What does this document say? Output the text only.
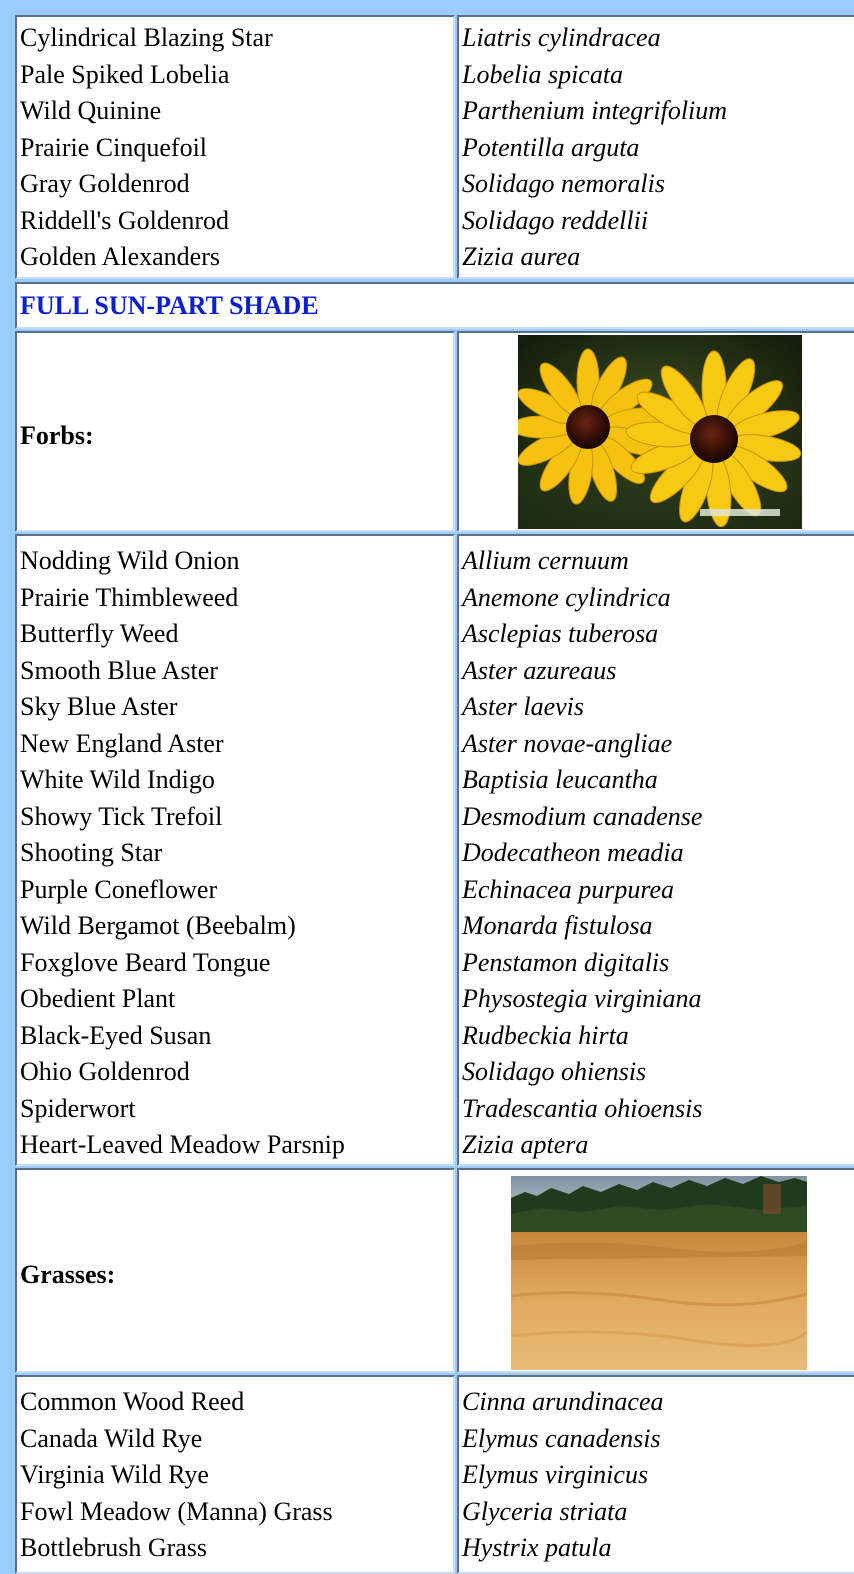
Cylindrical Blazing Star
Pale Spiked Lobelia
Wild Quinine
Prairie Cinquefoil
Gray Goldenrod
Riddell's Goldenrod
Golden Alexanders
Liatris cylindracea
Lobelia spicata
Parthenium integrifolium
Potentilla arguta
Solidago nemoralis
Solidago reddellii
Zizia aurea
FULL SUN-PART SHADE
Forbs:
Nodding Wild Onion
Prairie Thimbleweed
Butterfly Weed
Smooth Blue Aster
Sky Blue Aster
New England Aster
White Wild Indigo
Showy Tick Trefoil
Shooting Star
Purple Coneflower
Wild Bergamot (Beebalm)
Foxglove Beard Tongue
Obedient Plant
Black-Eyed Susan
Ohio Goldenrod
Spiderwort
Heart-Leaved Meadow Parsnip
Allium cernuum
Anemone cylindrica
Asclepias tuberosa
Aster azureaus
Aster laevis
Aster novae-angliae
Baptisia leucantha
Desmodium canadense
Dodecatheon meadia
Echinacea purpurea
Monarda fistulosa
Penstamon digitalis
Physostegia virginiana
Rudbeckia hirta
Solidago ohiensis
Tradescantia ohioensis
Zizia aptera
Grasses:
Common Wood Reed
Canada Wild Rye
Virginia Wild Rye
Fowl Meadow (Manna) Grass
Bottlebrush Grass
Cinna arundinacea
Elymus canadensis
Elymus virginicus
Glyceria striata
Hystrix patula
